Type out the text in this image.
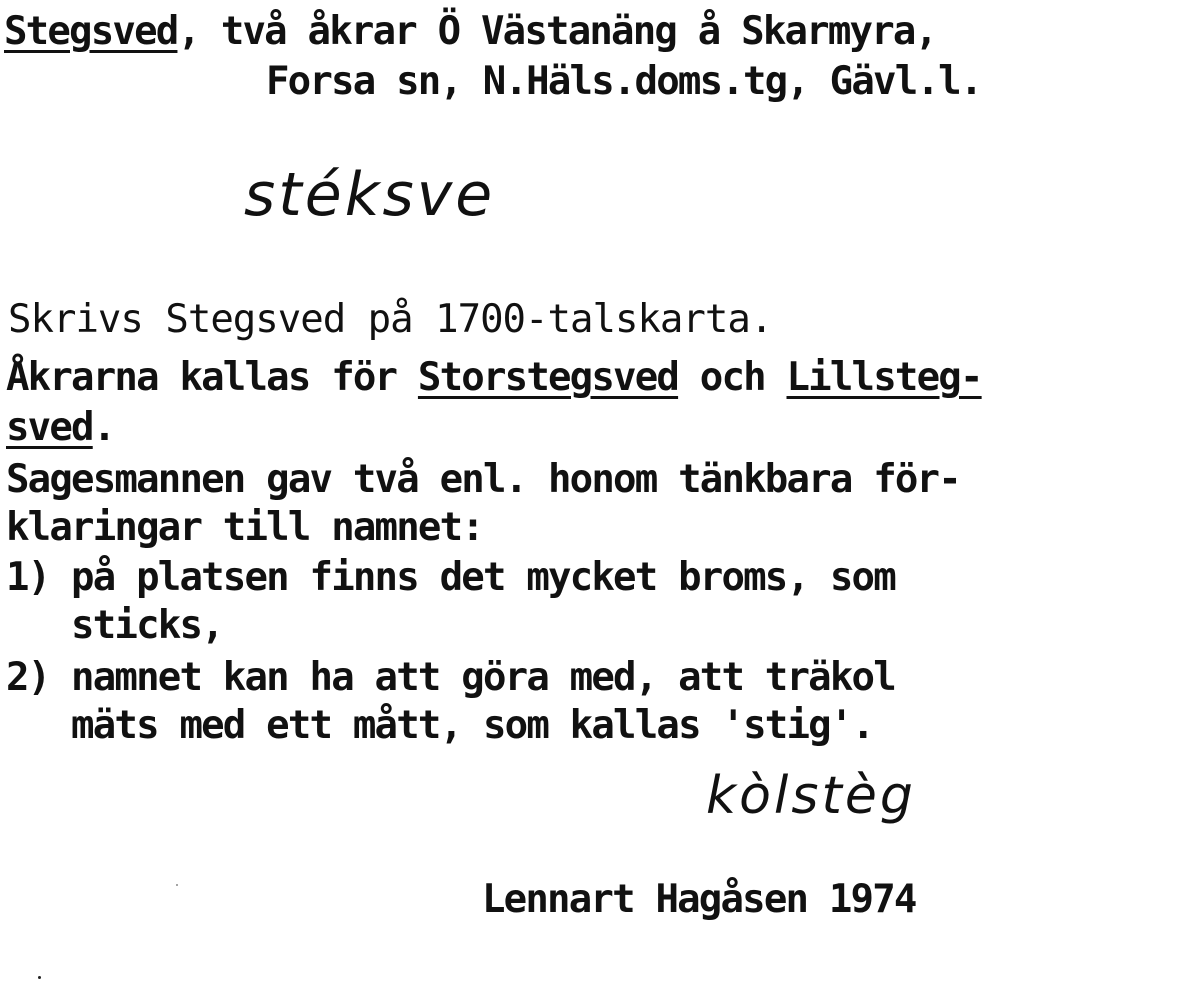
Stegsved, två åkrar Ö Västanäng å Skarmyra,

Forsa sn, N.Häls.doms.tg, Gävl.l.

stéksve

Skrivs Stegsved på 1700-talskarta.

Åkrarna kallas för Storstegsved och Lillsteg-

sved.

Sagesmannen gav två enl. honom tänkbara för-

klaringar till namnet:

1) på platsen finns det mycket broms, som

sticks,

2) namnet kan ha att göra med, att träkol

mäts med ett mått, som kallas 'stig'.

kòlstèg

Lennart Hagåsen 1974
